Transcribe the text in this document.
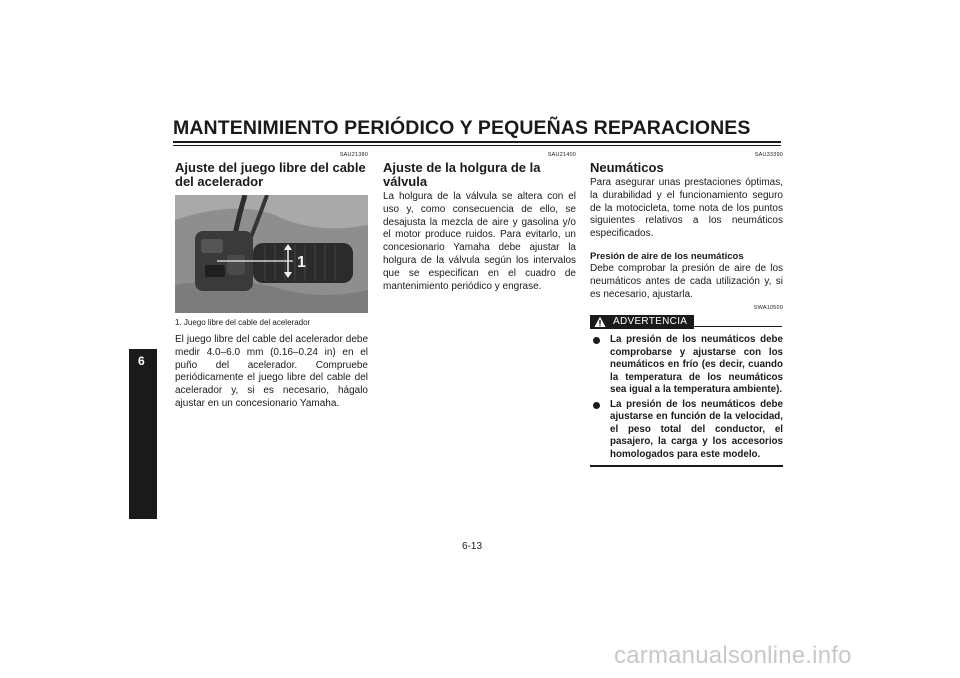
MANTENIMIENTO PERIÓDICO Y PEQUEÑAS REPARACIONES
6

SAU21380

Ajuste del juego libre del cable del acelerador
1

1. Juego libre del cable del acelerador

El juego libre del cable del acelerador debe medir 4.0–6.0 mm (0.16–0.24 in) en el puño del acelerador. Compruebe periódicamente el juego libre del cable del acelerador y, si es necesario, hágalo ajustar en un concesionario Yamaha.

SAU21400

Ajuste de la holgura de la válvula

La holgura de la válvula se altera con el uso y, como consecuencia de ello, se desajusta la mezcla de aire y gasolina y/o el motor produce ruidos. Para evitarlo, un concesionario Yamaha debe ajustar la holgura de la válvula según los intervalos que se especifican en el cuadro de mantenimiento periódico y engrase.

SAU33390

Neumáticos

Para asegurar unas prestaciones óptimas, la durabilidad y el funcionamiento seguro de la motocicleta, tome nota de los puntos siguientes relativos a los neumáticos especificados.

Presión de aire de los neumáticos

Debe comprobar la presión de aire de los neumáticos antes de cada utilización y, si es necesario, ajustarla.

SWA10500

ADVERTENCIA
La presión de los neumáticos debe comprobarse y ajustarse con los neumáticos en frío (es decir, cuando la temperatura de los neumáticos sea igual a la temperatura ambiente).
La presión de los neumáticos debe ajustarse en función de la velocidad, el peso total del conductor, el pasajero, la carga y los accesorios homologados para este modelo.

6-13

carmanualsonline.info
